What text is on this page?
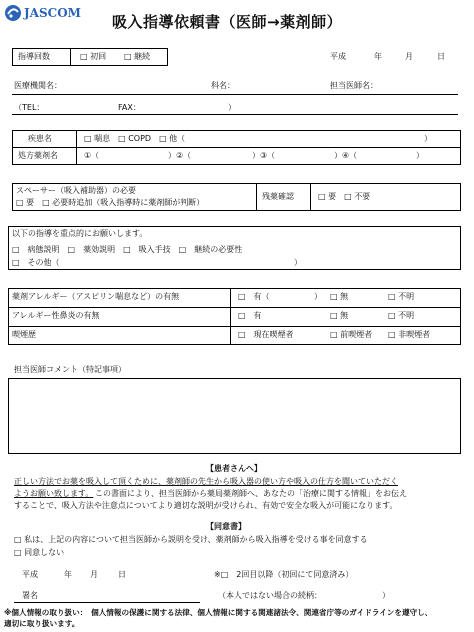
JASCOM 吸入指導依頼書（医師→薬剤師）
指導回数	□ 初回 □ 継続	平成	年	月	日
医療機関名：	科名：	担当医師名：
（TEL：	FAX：	）
疾患名	□ 喘息　□ COPD　□ 他（	）
処方薬剤名	①（	）②（	）③（	）④（	）
スペーサー（吸入補助器）の必要
□ 要　□ 必要時追加（吸入指導時に薬剤師が判断）
残薬確認	□ 要　□ 不要
以下の指導を重点的にお願いします。
□　病態説明　□　薬効説明　□　吸入手技　□　継続の必要性
□　その他（	）
薬剤アレルギー（アスピリン喘息など）の有無	□　有（	） □ 無	□ 不明
アレルギー性鼻炎の有無	□　有	□ 無	□ 不明
喫煙歴	□　現在喫煙者	□ 前喫煙者 □ 非喫煙者
担当医師コメント（特記事項）
【患者さんへ】
正しい方法でお薬を吸入して頂くために、薬剤師の先生から吸入器の使い方や吸入の仕方を聞いていただく
ようお願い致します。 この書面により、担当医師から薬局薬剤師へ、あなたの「治療に関する情報」をお伝え
することで、吸入方法や注意点についてより適切な説明が受けられ、有効で安全な吸入が可能になります。
【同意書】
□ 私は、上記の内容について担当医師から説明を受け、薬剤師から吸入指導を受ける事を同意する
□ 同意しない
平成	年 月	日	※□　2回目以降（初回にて同意済み）
署名	（本人ではない場合の続柄：	）
※個人情報の取り扱い：　個人情報の保護に関する法律、個人情報に関する関連諸法令、関連省庁等のガイドラインを遵守し、
適切に取り扱います。
